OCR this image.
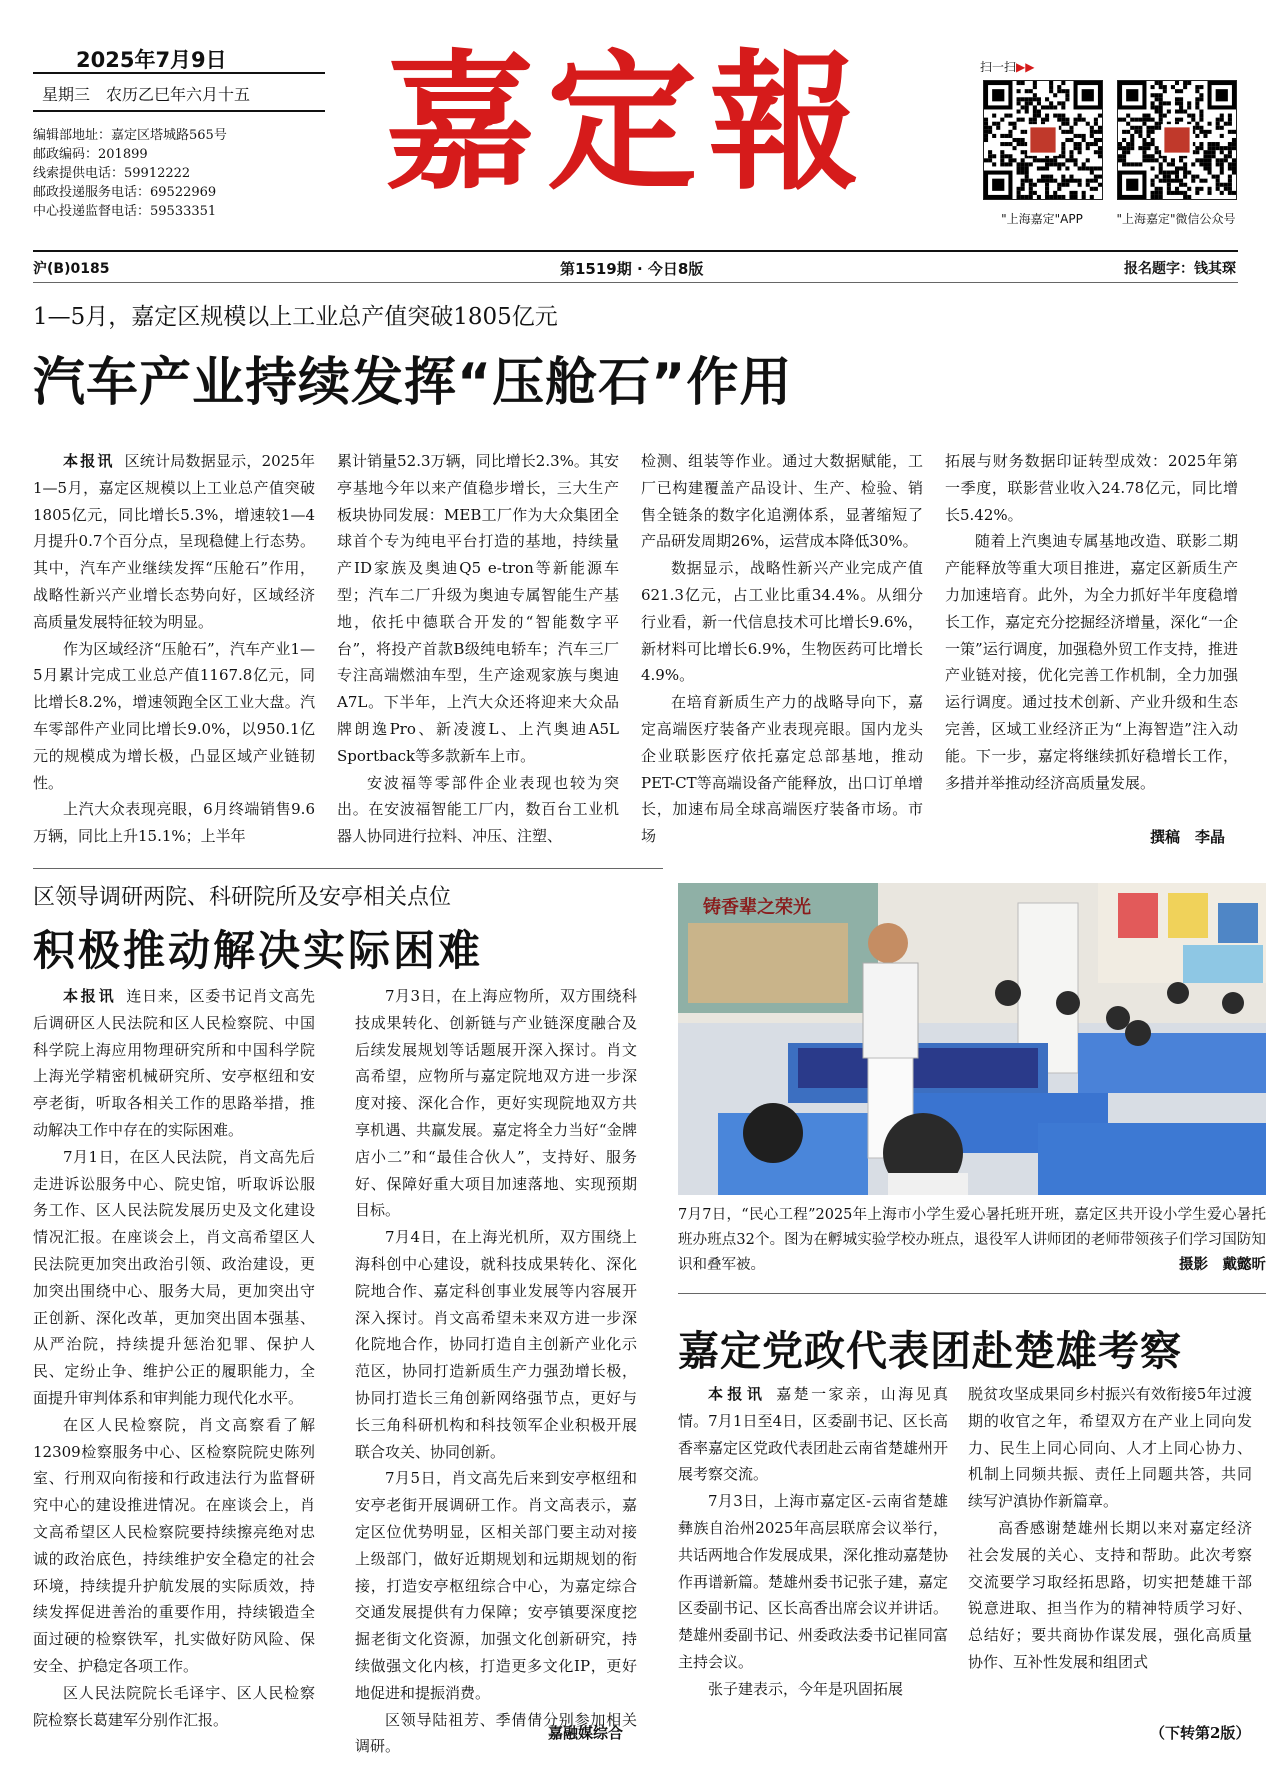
2025年7月9日
星期三　农历乙巳年六月十五
编辑部地址：嘉定区塔城路565号
邮政编码：201899
线索提供电话：59912222
邮政投递服务电话：69522969
中心投递监督电话：59533351
嘉定報	扫一扫▶▶
"上海嘉定"APP	"上海嘉定"微信公众号
沪(B)0185	第1519期 · 今日8版	报名题字：钱其琛
1—5月，嘉定区规模以上工业总产值突破1805亿元
汽车产业持续发挥“压舱石”作用

本报讯 区统计局数据显示，2025年1—5月，嘉定区规模以上工业总产值突破1805亿元，同比增长5.3%，增速较1—4月提升0.7个百分点，呈现稳健上行态势。其中，汽车产业继续发挥“压舱石”作用，战略性新兴产业增长态势向好，区域经济高质量发展特征较为明显。

作为区域经济“压舱石”，汽车产业1—5月累计完成工业总产值1167.8亿元，同比增长8.2%，增速领跑全区工业大盘。汽车零部件产业同比增长9.0%，以950.1亿元的规模成为增长极，凸显区域产业链韧性。

上汽大众表现亮眼，6月终端销售9.6万辆，同比上升15.1%；上半年

累计销量52.3万辆，同比增长2.3%。其安亭基地今年以来产值稳步增长，三大生产板块协同发展：MEB工厂作为大众集团全球首个专为纯电平台打造的基地，持续量产ID家族及奥迪Q5 e-tron等新能源车型；汽车二厂升级为奥迪专属智能生产基地，依托中德联合开发的“智能数字平台”，将投产首款B级纯电轿车；汽车三厂专注高端燃油车型，生产途观家族与奥迪A7L。下半年，上汽大众还将迎来大众品牌朗逸Pro、新凌渡L、上汽奥迪A5L Sportback等多款新车上市。

安波福等零部件企业表现也较为突出。在安波福智能工厂内，数百台工业机器人协同进行拉料、冲压、注塑、

检测、组装等作业。通过大数据赋能，工厂已构建覆盖产品设计、生产、检验、销售全链条的数字化追溯体系，显著缩短了产品研发周期26%，运营成本降低30%。

数据显示，战略性新兴产业完成产值621.3亿元，占工业比重34.4%。从细分行业看，新一代信息技术可比增长9.6%，新材料可比增长6.9%，生物医药可比增长4.9%。

在培育新质生产力的战略导向下，嘉定高端医疗装备产业表现亮眼。国内龙头企业联影医疗依托嘉定总部基地，推动PET-CT等高端设备产能释放，出口订单增长，加速布局全球高端医疗装备市场。市场

拓展与财务数据印证转型成效：2025年第一季度，联影营业收入24.78亿元，同比增长5.42%。

随着上汽奥迪专属基地改造、联影二期产能释放等重大项目推进，嘉定区新质生产力加速培育。此外，为全力抓好半年度稳增长工作，嘉定充分挖掘经济增量，深化“一企一策”运行调度，加强稳外贸工作支持，推进产业链对接，优化完善工作机制，全力加强运行调度。通过技术创新、产业升级和生态完善，区域工业经济正为“上海智造”注入动能。下一步，嘉定将继续抓好稳增长工作，多措并举推动经济高质量发展。

撰稿　李晶
区领导调研两院、科研院所及安亭相关点位
积极推动解决实际困难

本报讯 连日来，区委书记肖文高先后调研区人民法院和区人民检察院、中国科学院上海应用物理研究所和中国科学院上海光学精密机械研究所、安亭枢纽和安亭老街，听取各相关工作的思路举措，推动解决工作中存在的实际困难。

7月1日，在区人民法院，肖文高先后走进诉讼服务中心、院史馆，听取诉讼服务工作、区人民法院发展历史及文化建设情况汇报。在座谈会上，肖文高希望区人民法院更加突出政治引领、政治建设，更加突出围绕中心、服务大局，更加突出守正创新、深化改革，更加突出固本强基、从严治院，持续提升惩治犯罪、保护人民、定纷止争、维护公正的履职能力，全面提升审判体系和审判能力现代化水平。

在区人民检察院，肖文高察看了解12309检察服务中心、区检察院院史陈列室、行刑双向衔接和行政违法行为监督研究中心的建设推进情况。在座谈会上，肖文高希望区人民检察院要持续擦亮绝对忠诚的政治底色，持续维护安全稳定的社会环境，持续提升护航发展的实际质效，持续发挥促进善治的重要作用，持续锻造全面过硬的检察铁军，扎实做好防风险、保安全、护稳定各项工作。

区人民法院院长毛译宇、区人民检察院检察长葛建军分别作汇报。

7月3日，在上海应物所，双方围绕科技成果转化、创新链与产业链深度融合及后续发展规划等话题展开深入探讨。肖文高希望，应物所与嘉定院地双方进一步深度对接、深化合作，更好实现院地双方共享机遇、共赢发展。嘉定将全力当好“金牌店小二”和“最佳合伙人”，支持好、服务好、保障好重大项目加速落地、实现预期目标。

7月4日，在上海光机所，双方围绕上海科创中心建设，就科技成果转化、深化院地合作、嘉定科创事业发展等内容展开深入探讨。肖文高希望未来双方进一步深化院地合作，协同打造自主创新产业化示范区，协同打造新质生产力强劲增长极，协同打造长三角创新网络强节点，更好与长三角科研机构和科技领军企业积极开展联合攻关、协同创新。

7月5日，肖文高先后来到安亭枢纽和安亭老街开展调研工作。肖文高表示，嘉定区位优势明显，区相关部门要主动对接上级部门，做好近期规划和远期规划的衔接，打造安亭枢纽综合中心，为嘉定综合交通发展提供有力保障；安亭镇要深度挖掘老街文化资源，加强文化创新研究，持续做强文化内核，打造更多文化IP，更好地促进和提振消费。

区领导陆祖芳、季倩倩分别参加相关调研。

嘉融媒综合
铸香辈之荣光
7月7日，“民心工程”2025年上海市小学生爱心暑托班开班，嘉定区共开设小学生爱心暑托班办班点32个。图为在孵城实验学校办班点，退役军人讲师团的老师带领孩子们学习国防知识和叠军被。	摄影　戴懿昕
嘉定党政代表团赴楚雄考察

本报讯 嘉楚一家亲，山海见真情。7月1日至4日，区委副书记、区长高香率嘉定区党政代表团赴云南省楚雄州开展考察交流。

7月3日，上海市嘉定区-云南省楚雄彝族自治州2025年高层联席会议举行，共话两地合作发展成果，深化推动嘉楚协作再谱新篇。楚雄州委书记张子建，嘉定区委副书记、区长高香出席会议并讲话。楚雄州委副书记、州委政法委书记崔同富主持会议。

张子建表示，今年是巩固拓展

脱贫攻坚成果同乡村振兴有效衔接5年过渡期的收官之年，希望双方在产业上同向发力、民生上同心同向、人才上同心协力、机制上同频共振、责任上同题共答，共同续写沪滇协作新篇章。

高香感谢楚雄州长期以来对嘉定经济社会发展的关心、支持和帮助。此次考察交流要学习取经拓思路，切实把楚雄干部锐意进取、担当作为的精神特质学习好、总结好；要共商协作谋发展，强化高质量协作、互补性发展和组团式

（下转第2版）
